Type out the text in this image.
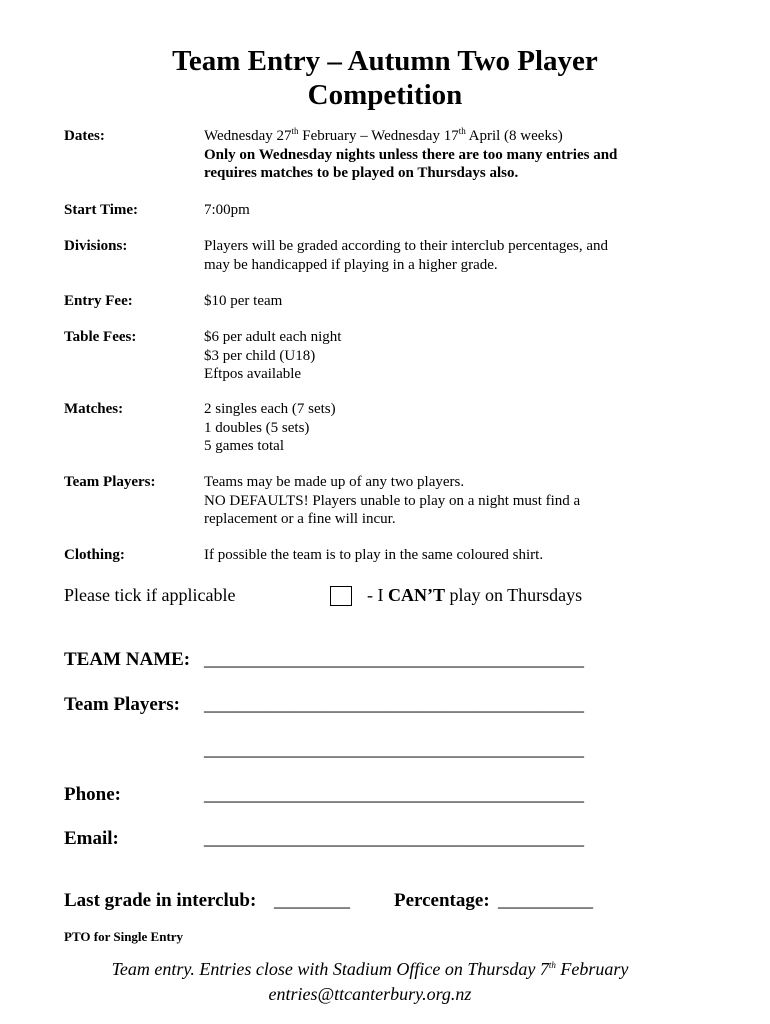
Team Entry – Autumn Two Player
Competition
Dates:	Wednesday 27th February – Wednesday 17th April (8 weeks)
Only on Wednesday nights unless there are too many entries and
requires matches to be played on Thursdays also.
Start Time:	7:00pm
Divisions:	Players will be graded according to their interclub percentages, and
may be handicapped if playing in a higher grade.
Entry Fee:	$10 per team
Table Fees:	$6 per adult each night
$3 per child (U18)
Eftpos available
Matches:	2 singles each (7 sets)
1 doubles (5 sets)
5 games total
Team Players:	Teams may be made up of any two players.
NO DEFAULTS! Players unable to play on a night must find a
replacement or a fine will incur.
Clothing:	If possible the team is to play in the same coloured shirt.
Please tick if applicable	- I CAN’T play on Thursdays
TEAM NAME: ________________________________________
Team Players: ________________________________________
________________________________________
Phone:	________________________________________
Email:	________________________________________
Last grade in interclub: ________ Percentage: __________
PTO for Single Entry
Team entry. Entries close with Stadium Office on Thursday 7th February
entries@ttcanterbury.org.nz
